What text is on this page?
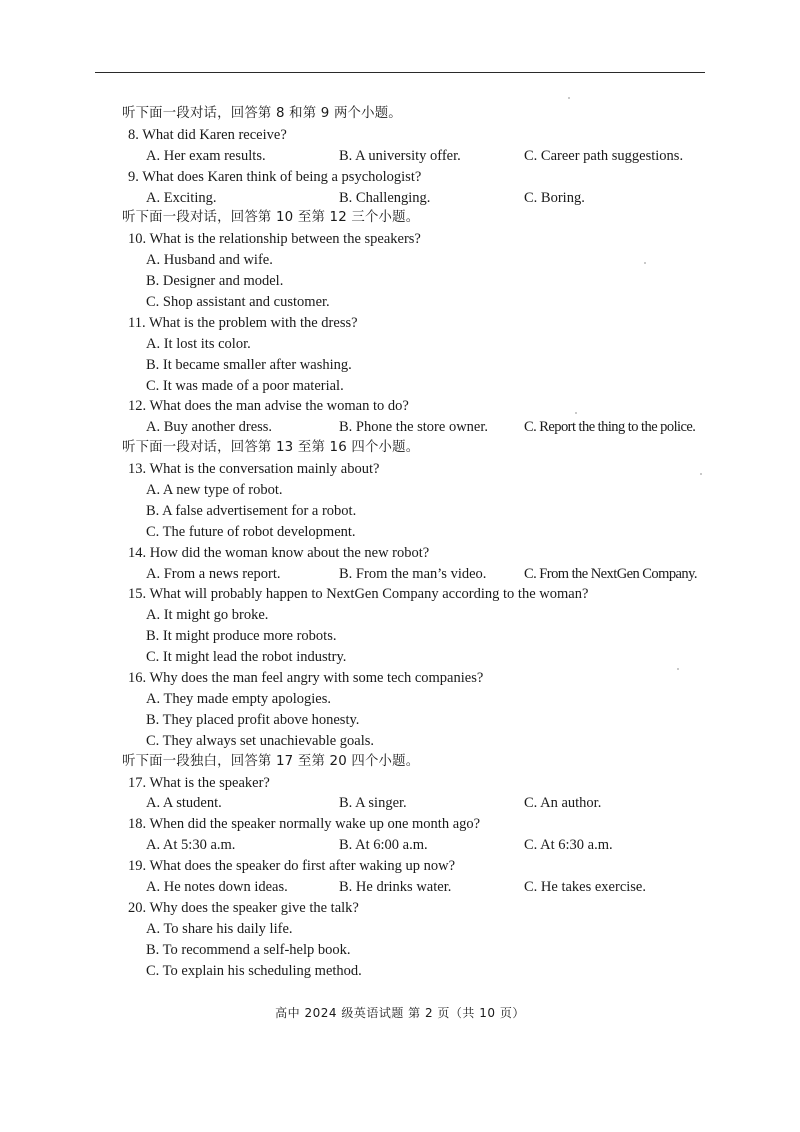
听下面一段对话，回答第 8 和第 9 两个小题。
8. What did Karen receive?
A. Her exam results.	B. A university offer.	C. Career path suggestions.
9. What does Karen think of being a psychologist?
A. Exciting.	B. Challenging.	C. Boring.
听下面一段对话，回答第 10 至第 12 三个小题。
10. What is the relationship between the speakers?
A. Husband and wife.
B. Designer and model.
C. Shop assistant and customer.
11. What is the problem with the dress?
A. It lost its color.
B. It became smaller after washing.
C. It was made of a poor material.
12. What does the man advise the woman to do?
A. Buy another dress.	B. Phone the store owner. C. Report the thing to the police.
听下面一段对话，回答第 13 至第 16 四个小题。
13. What is the conversation mainly about?
A. A new type of robot.
B. A false advertisement for a robot.
C. The future of robot development.
14. How did the woman know about the new robot?
A. From a news report.	B. From the man’s video.	C. From the NextGen Company.
15. What will probably happen to NextGen Company according to the woman?
A. It might go broke.
B. It might produce more robots.
C. It might lead the robot industry.
16. Why does the man feel angry with some tech companies?
A. They made empty apologies.
B. They placed profit above honesty.
C. They always set unachievable goals.
听下面一段独白，回答第 17 至第 20 四个小题。
17. What is the speaker?
A. A student.	B. A singer.	C. An author.
18. When did the speaker normally wake up one month ago?
A. At 5:30 a.m.	B. At 6:00 a.m.	C. At 6:30 a.m.
19. What does the speaker do first after waking up now?
A. He notes down ideas.	B. He drinks water.	C. He takes exercise.
20. Why does the speaker give the talk?
A. To share his daily life.
B. To recommend a self-help book.
C. To explain his scheduling method.
高中 2024 级英语试题 第 2 页（共 10 页）
